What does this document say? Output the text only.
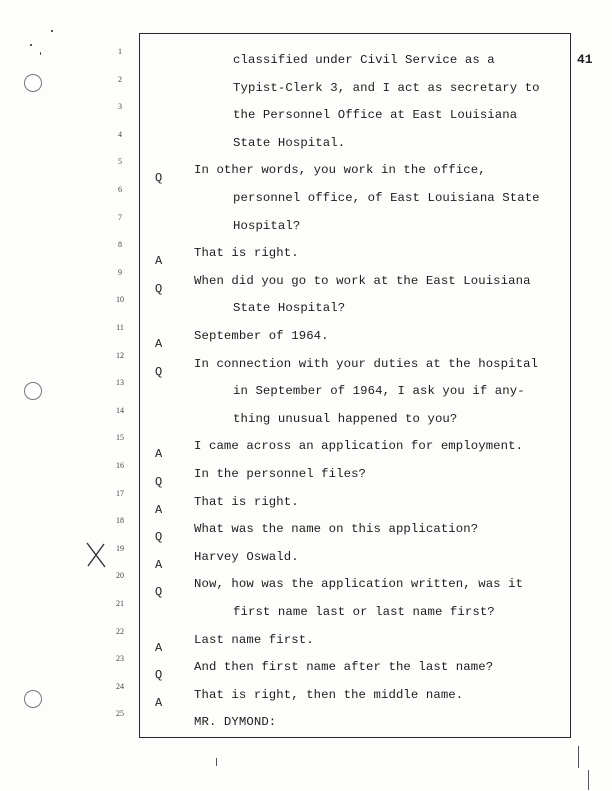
41
1
classified under Civil Service as a
2
Typist-Clerk 3, and I act as secretary to
3
the Personnel Office at East Louisiana
4
State Hospital.
5
Q
In other words, you work in the office,
6
personnel office, of East Louisiana State
7
Hospital?
8
A
That is right.
9
Q
When did you go to work at the East Louisiana
10
State Hospital?
11
A
September of 1964.
12
Q
In connection with your duties at the hospital
13
in September of 1964, I ask you if any-
14
thing unusual happened to you?
15
A
I came across an application for employment.
16
Q
In the personnel files?
17
A
That is right.
18
Q
What was the name on this application?
19
A
Harvey Oswald.
20
Q
Now, how was the application written, was it
21
first name last or last name first?
22
A
Last name first.
23
Q
And then first name after the last name?
24
A
That is right, then the middle name.
25
MR. DYMOND:
